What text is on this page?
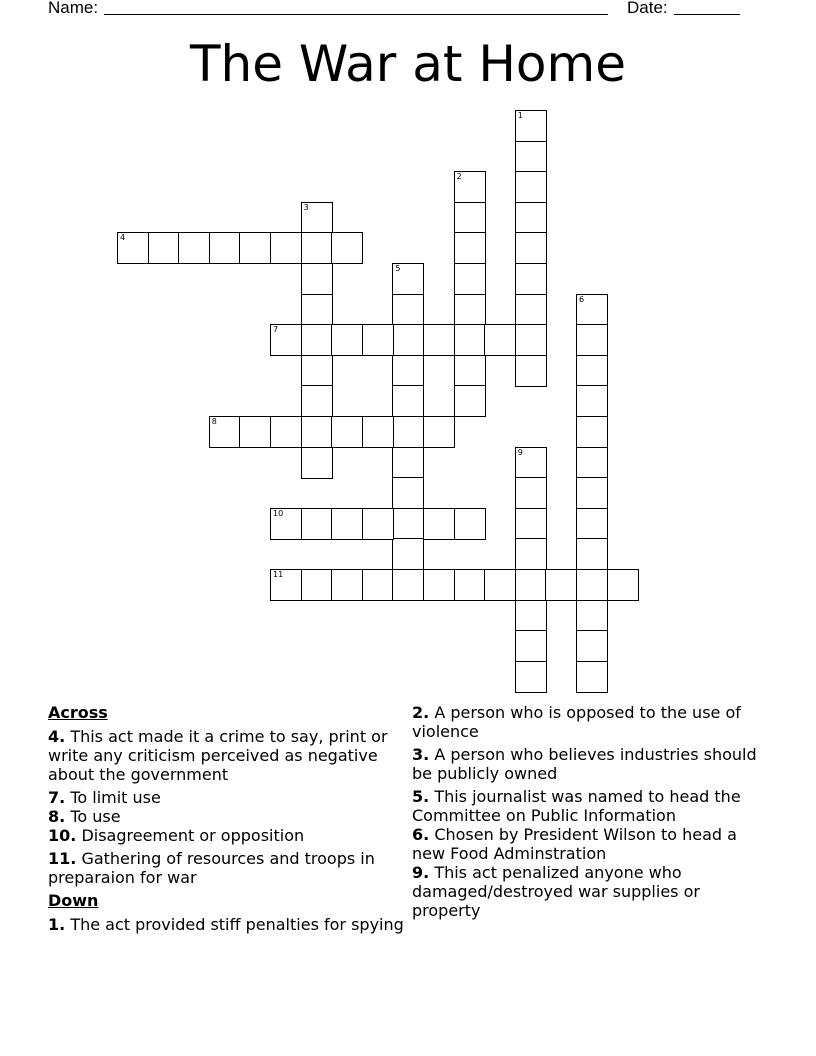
Name:	Date:
The War at Home
1
2
3
4
5
6
7
8
9
10
11
Across
4. This act made it a crime to say, print or write any criticism perceived as negative about the government
7. To limit use
8. To use
10. Disagreement or opposition
11. Gathering of resources and troops in preparaion for war
Down
1. The act provided stiff penalties for spying
2. A person who is opposed to the use of violence
3. A person who believes industries should be publicly owned
5. This journalist was named to head the Committee on Public Information
6. Chosen by President Wilson to head a new Food Adminstration
9. This act penalized anyone who damaged/destroyed war supplies or property
